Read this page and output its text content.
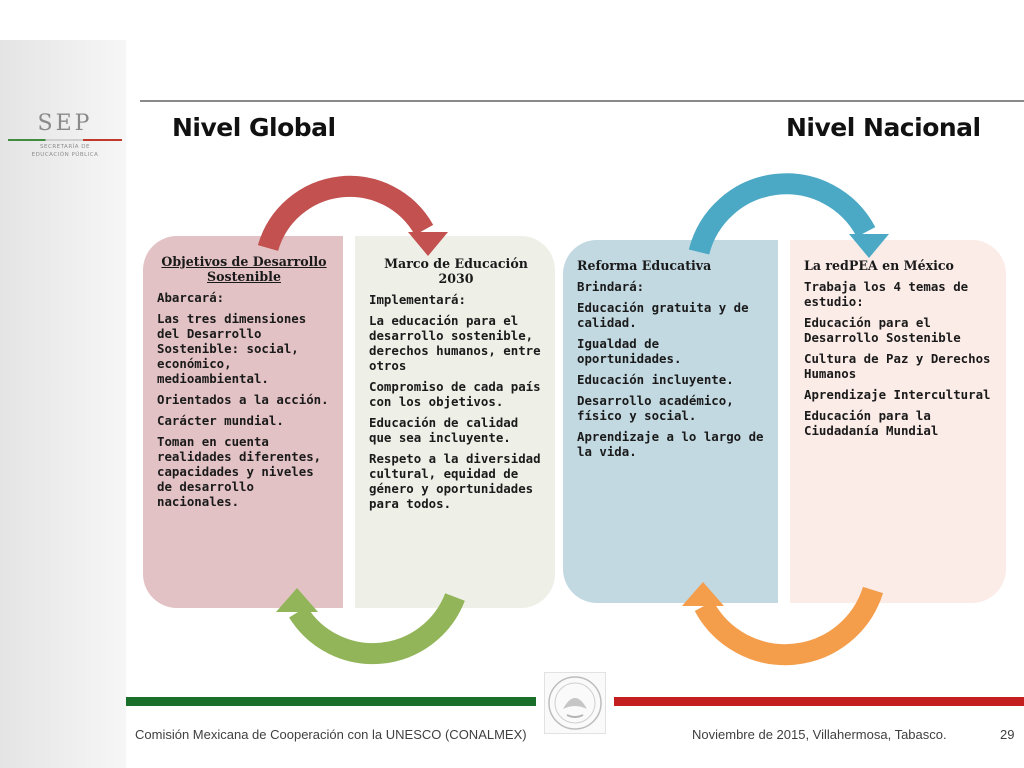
SEP
SECRETARÍA DE
EDUCACIÓN PÚBLICA
Nivel Global	Nivel Nacional

Objetivos de Desarrollo Sostenible

Abarcará:

Las tres dimensiones del Desarrollo Sostenible: social, económico, medioambiental.

Orientados a la acción.

Carácter mundial.

Toman en cuenta realidades diferentes, capacidades y niveles de desarrollo nacionales.

Marco de Educación 2030

Implementará:

La educación para el desarrollo sostenible, derechos humanos, entre otros

Compromiso de cada país con los objetivos.

Educación de calidad que sea incluyente.

Respeto a la diversidad cultural, equidad de género y oportunidades para todos.

Reforma Educativa

Brindará:

Educación gratuita y de calidad.

Igualdad de oportunidades.

Educación incluyente.

Desarrollo académico, físico y social.

Aprendizaje a lo largo de la vida.

La redPEA en México

Trabaja los 4 temas de estudio:

Educación para el Desarrollo Sostenible

Cultura de Paz y Derechos Humanos

Aprendizaje Intercultural

Educación para la Ciudadanía Mundial

Comisión Mexicana de Cooperación con la UNESCO (CONALMEX)	Noviembre de 2015, Villahermosa, Tabasco.	29
